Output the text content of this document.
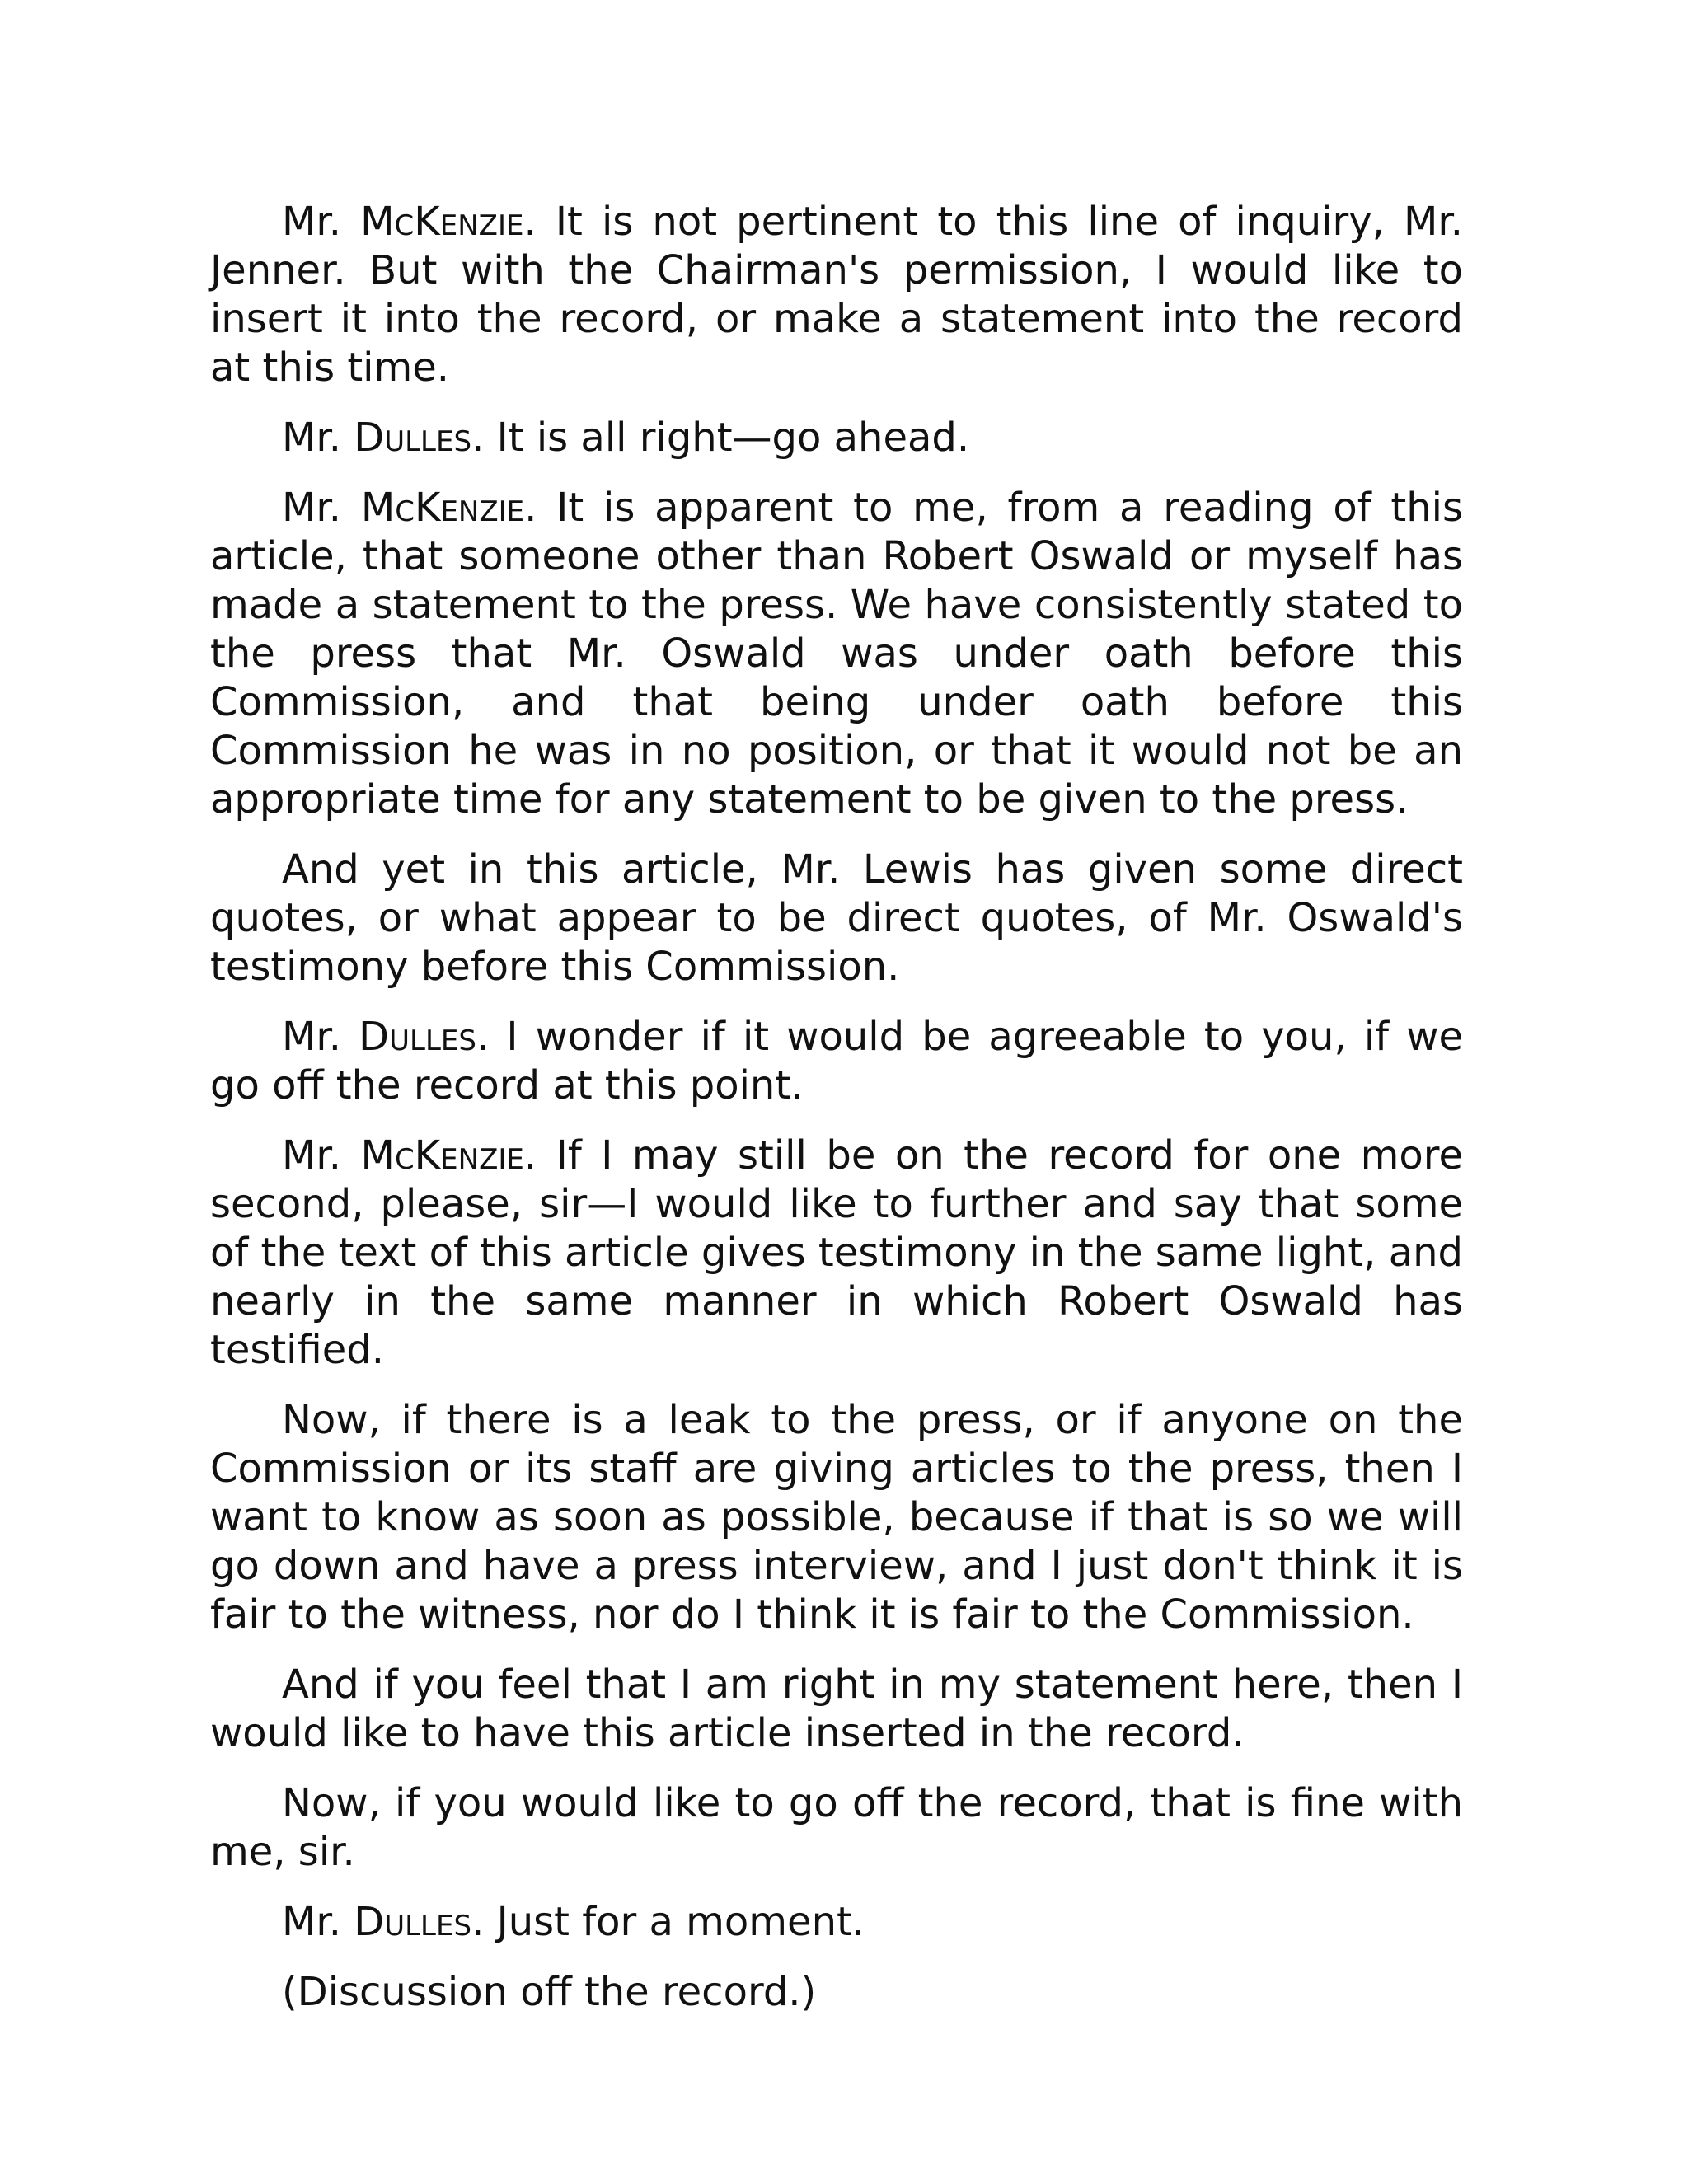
Mr. McKenzie. It is not pertinent to this line of inquiry, Mr. Jenner. But with the Chairman's permission, I would like to insert it into the record, or make a statement into the record at this time.

Mr. Dulles. It is all right—go ahead.

Mr. McKenzie. It is apparent to me, from a reading of this article, that someone other than Robert Oswald or myself has made a statement to the press. We have consistently stated to the press that Mr. Oswald was under oath before this Commission, and that being under oath before this Commission he was in no position, or that it would not be an appropriate time for any statement to be given to the press.

And yet in this article, Mr. Lewis has given some direct quotes, or what appear to be direct quotes, of Mr. Oswald's testimony before this Commission.

Mr. Dulles. I wonder if it would be agreeable to you, if we go off the record at this point.

Mr. McKenzie. If I may still be on the record for one more second, please, sir—I would like to further and say that some of the text of this article gives testimony in the same light, and nearly in the same manner in which Robert Oswald has testified.

Now, if there is a leak to the press, or if anyone on the Commission or its staff are giving articles to the press, then I want to know as soon as possible, because if that is so we will go down and have a press interview, and I just don't think it is fair to the witness, nor do I think it is fair to the Commission.

And if you feel that I am right in my statement here, then I would like to have this article inserted in the record.

Now, if you would like to go off the record, that is fine with me, sir.

Mr. Dulles. Just for a moment.

(Discussion off the record.)
